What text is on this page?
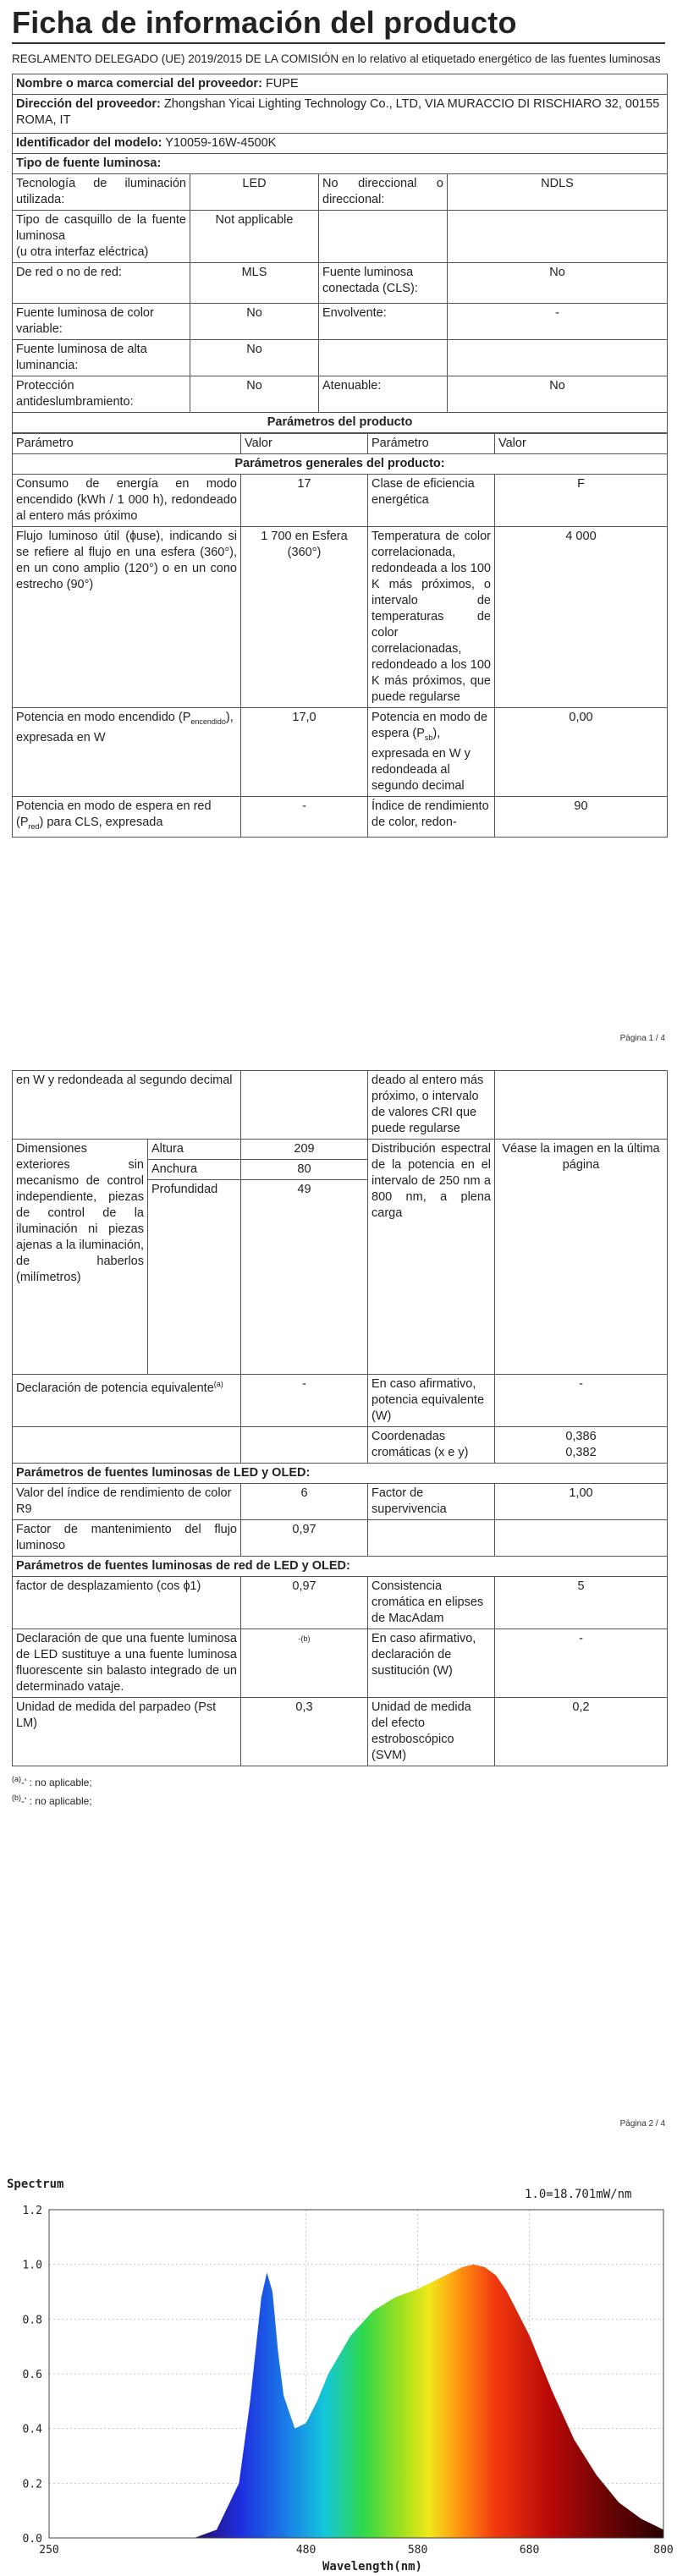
Ficha de información del producto
REGLAMENTO DELEGADO (UE) 2019/2015 DE LA COMISIÓN en lo relativo al etiquetado energético de las fuentes luminosas
Nombre o marca comercial del proveedor: FUPE			
Dirección del proveedor: Zhongshan Yicai Lighting Technology Co., LTD, VIA MURACCIO DI RISCHIARO 32, 00155 ROMA, IT			
Identificador del modelo: Y10059-16W-4500K			
Tipo de fuente luminosa:			
Tecnología de iluminación utilizada:	LED	No direccional o direccional:	NDLS

Tipo de casquillo de la fuente luminosa
(u otra interfaz eléctrica)	Not applicable		
De red o no de red:	MLS	Fuente luminosa conectada (CLS):	No
Fuente luminosa de color variable:	No	Envolvente:	-
Fuente luminosa de alta luminancia:	No		
Protección antideslumbramiento:	No	Atenuable:	No
Parámetros del producto			
Parámetro	Valor	Parámetro	Valor
Parámetros generales del producto:			
Consumo de energía en modo encendido (kWh / 1 000 h), redondeado al entero más próximo	17	Clase de eficiencia energética	F
Flujo luminoso útil (ɸuse), indicando si se refiere al flujo en una esfera (360°), en un cono amplio (120°) o en un cono estrecho (90°)	1 700 en Esfera (360°)	Temperatura de color correlacionada, redondeada a los 100 K más próximos, o intervalo de temperaturas de color correlacionadas, redondeado a los 100 K más próximos, que puede regularse	4 000
Potencia en modo encendido $(P_{encendido})$, expresada en W	17,0	Potencia en modo de espera $(P_{sb})$, expresada en W y redondeada al segundo decimal	0,00
Potencia en modo de espera en red $(P_{red})$ para CLS, expresada	-	Índice de rendimiento de color, redon-	90
Página 1 / 4
en W y redondeada al segundo decimal			deado al entero más próximo, o intervalo de valores CRI que puede regularse	
Dimensiones exteriores sin mecanismo de control independiente, piezas de control de la iluminación ni piezas ajenas a la iluminación, de haberlos (milímetros)	Altura	209	Distribución espectral de la potencia en el intervalo de 250 nm a 800 nm, a plena carga	Véase la imagen en la última página
	Anchura	80		
	Profundidad	49		
Declaración de potencia equivalente$^{(a)}$		-	En caso afirmativo, potencia equivalente (W)	-
			Coordenadas cromáticas (x e y)	0,386
0,382

Parámetros de fuentes luminosas de LED y OLED:				
Valor del índice de rendimiento de color R9		6	Factor de supervivencia	1,00
Factor de mantenimiento del flujo luminoso		0,97		
Parámetros de fuentes luminosas de red de LED y OLED:				
factor de desplazamiento (cos ɸ1)		0,97	Consistencia cromática en elipses de MacAdam	5
Declaración de que una fuente luminosa de LED sustituye a una fuente luminosa fluorescente sin balasto integrado de un determinado vataje.		$^{-(b)}$	En caso afirmativo, declaración de sustitución (W)	-
Unidad de medida del parpadeo (Pst LM)		0,3	Unidad de medida del efecto estroboscópico (SVM)	0,2
$^{(a)}$-' : no aplicable;
$^{(b)}$-' : no aplicable;
Página 2 / 4
0.0
0.2
0.4
0.6
0.8
1.0
1.2
250	480	580	680	800
Spectrum
1.0=18.701mW/nm
Wavelength(nm)
